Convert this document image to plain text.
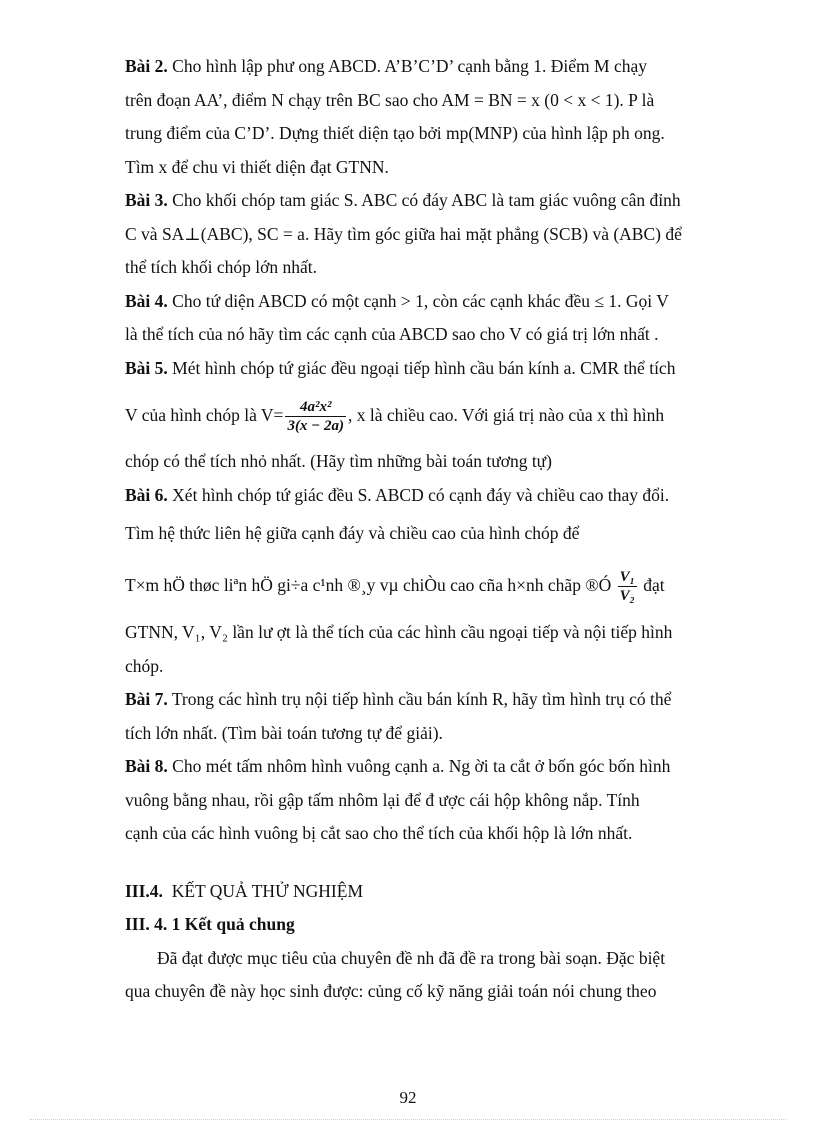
Bài 2. Cho hình lập phư ong ABCD. A’B’C’D’ cạnh bằng 1. Điểm M chạy

trên đoạn AA’, điểm N chạy trên BC sao cho AM = BN = x (0 < x < 1). P là

trung điểm của C’D’. Dựng thiết diện tạo bởi mp(MNP) của hình lập ph ong.

Tìm x để chu vi thiết diện đạt GTNN.

Bài 3. Cho khối chóp tam giác S. ABC có đáy ABC là tam giác vuông cân đỉnh

C và SA⊥(ABC), SC = a. Hãy tìm góc giữa hai mặt phẳng (SCB) và (ABC) để

thể tích khối chóp lớn nhất.

Bài 4. Cho tứ diện ABCD có một cạnh > 1, còn các cạnh khác đều ≤ 1. Gọi V

là thể tích của nó hãy tìm các cạnh của ABCD sao cho V có giá trị lớn nhất .

Bài 5. Mét hình chóp tứ giác đều ngoại tiếp hình cầu bán kính a. CMR thể tích

V của hình chóp là $V= \frac{\text{4a²x²}}{3(x - 2a)}$ , x là chiều cao. Với giá trị nào của x thì hình

chóp có thể tích nhỏ nhất. (Hãy tìm những bài toán tương tự)

Bài 6. Xét hình chóp tứ giác đều S. ABCD có cạnh đáy và chiều cao thay đổi.

Tìm hệ thức liên hệ giữa cạnh đáy và chiều cao của hình chóp để

T×m hÖ thøc liªn hÖ gi÷a c¹nh ®¸y vµ chiÒu cao cña h×nh chãp ®Ó $\frac{\text{V₁}}{\text{V₂}}$ đạt

GTNN, V₁, V₂ lần lư ợt là thể tích của các hình cầu ngoại tiếp và nội tiếp hình

chóp.

Bài 7. Trong các hình trụ nội tiếp hình cầu bán kính R, hãy tìm hình trụ có thể

tích lớn nhất. (Tìm bài toán tương tự để giải).

Bài 8. Cho mét tấm nhôm hình vuông cạnh a. Ng ời ta cắt ở bốn góc bốn hình

vuông bằng nhau, rồi gập tấm nhôm lại để đ ược cái hộp không nắp. Tính

cạnh của các hình vuông bị cắt sao cho thể tích của khối hộp là lớn nhất.

III.4. KẾT QUẢ THỬ NGHIỆM

III. 4. 1 Kết quả chung

Đã đạt được mục tiêu của chuyên đề nh đã đề ra trong bài soạn. Đặc biệt

qua chuyên đề này học sinh được: củng cố kỹ năng giải toán nói chung theo

92
